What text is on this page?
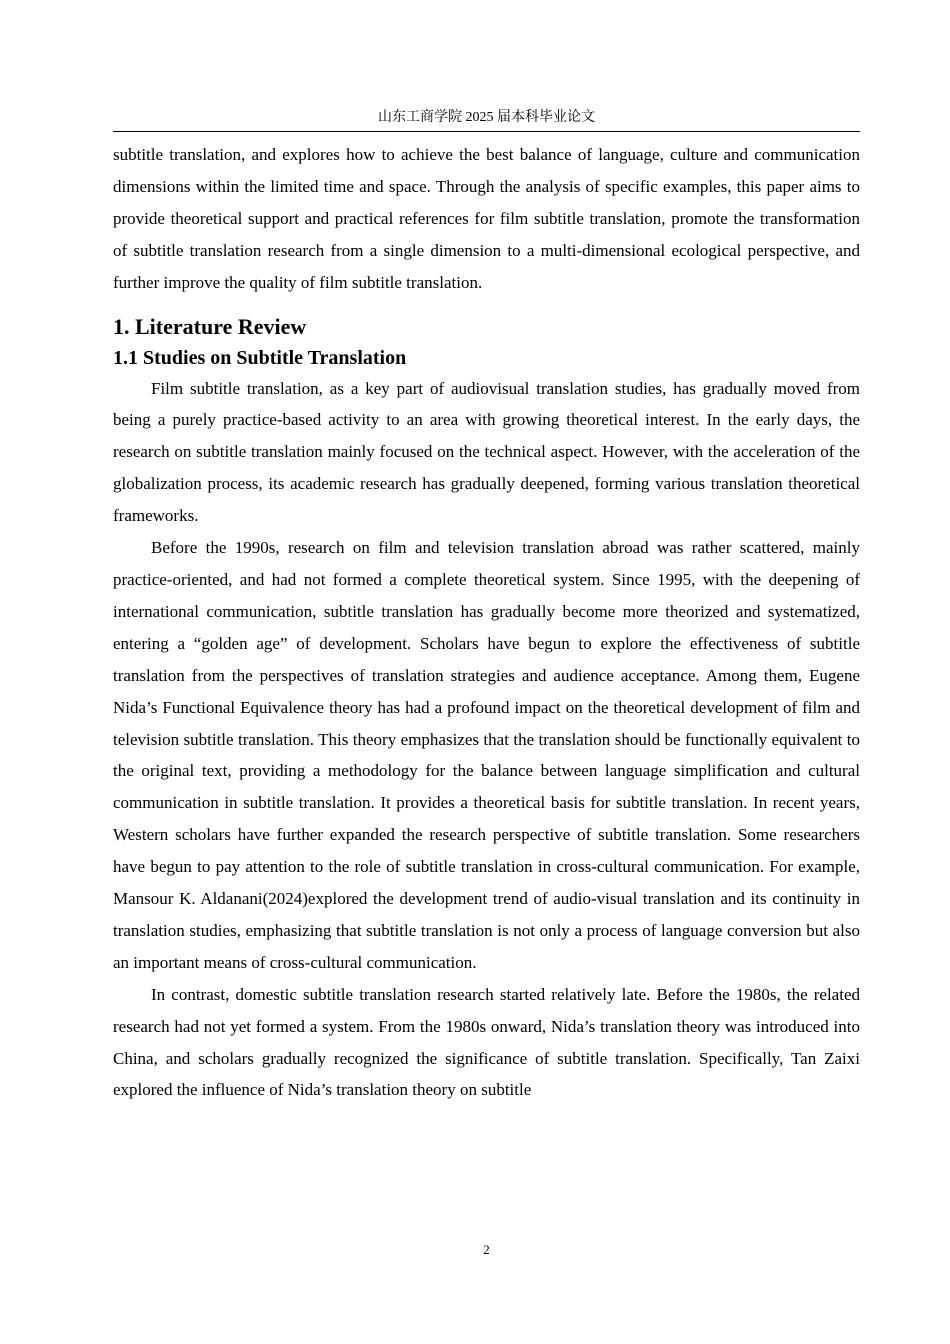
山东工商学院 2025 届本科毕业论文

subtitle translation, and explores how to achieve the best balance of language, culture and communication dimensions within the limited time and space. Through the analysis of specific examples, this paper aims to provide theoretical support and practical references for film subtitle translation, promote the transformation of subtitle translation research from a single dimension to a multi-dimensional ecological perspective, and further improve the quality of film subtitle translation.

1. Literature Review
1.1 Studies on Subtitle Translation

Film subtitle translation, as a key part of audiovisual translation studies, has gradually moved from being a purely practice-based activity to an area with growing theoretical interest. In the early days, the research on subtitle translation mainly focused on the technical aspect. However, with the acceleration of the globalization process, its academic research has gradually deepened, forming various translation theoretical frameworks.

Before the 1990s, research on film and television translation abroad was rather scattered, mainly practice-oriented, and had not formed a complete theoretical system. Since 1995, with the deepening of international communication, subtitle translation has gradually become more theorized and systematized, entering a “golden age” of development. Scholars have begun to explore the effectiveness of subtitle translation from the perspectives of translation strategies and audience acceptance. Among them, Eugene Nida’s Functional Equivalence theory has had a profound impact on the theoretical development of film and television subtitle translation. This theory emphasizes that the translation should be functionally equivalent to the original text, providing a methodology for the balance between language simplification and cultural communication in subtitle translation. It provides a theoretical basis for subtitle translation. In recent years, Western scholars have further expanded the research perspective of subtitle translation. Some researchers have begun to pay attention to the role of subtitle translation in cross-cultural communication. For example, Mansour K. Aldanani(2024)explored the development trend of audio-visual translation and its continuity in translation studies, emphasizing that subtitle translation is not only a process of language conversion but also an important means of cross-cultural communication.

In contrast, domestic subtitle translation research started relatively late. Before the 1980s, the related research had not yet formed a system. From the 1980s onward, Nida’s translation theory was introduced into China, and scholars gradually recognized the significance of subtitle translation. Specifically, Tan Zaixi explored the influence of Nida’s translation theory on subtitle

2
